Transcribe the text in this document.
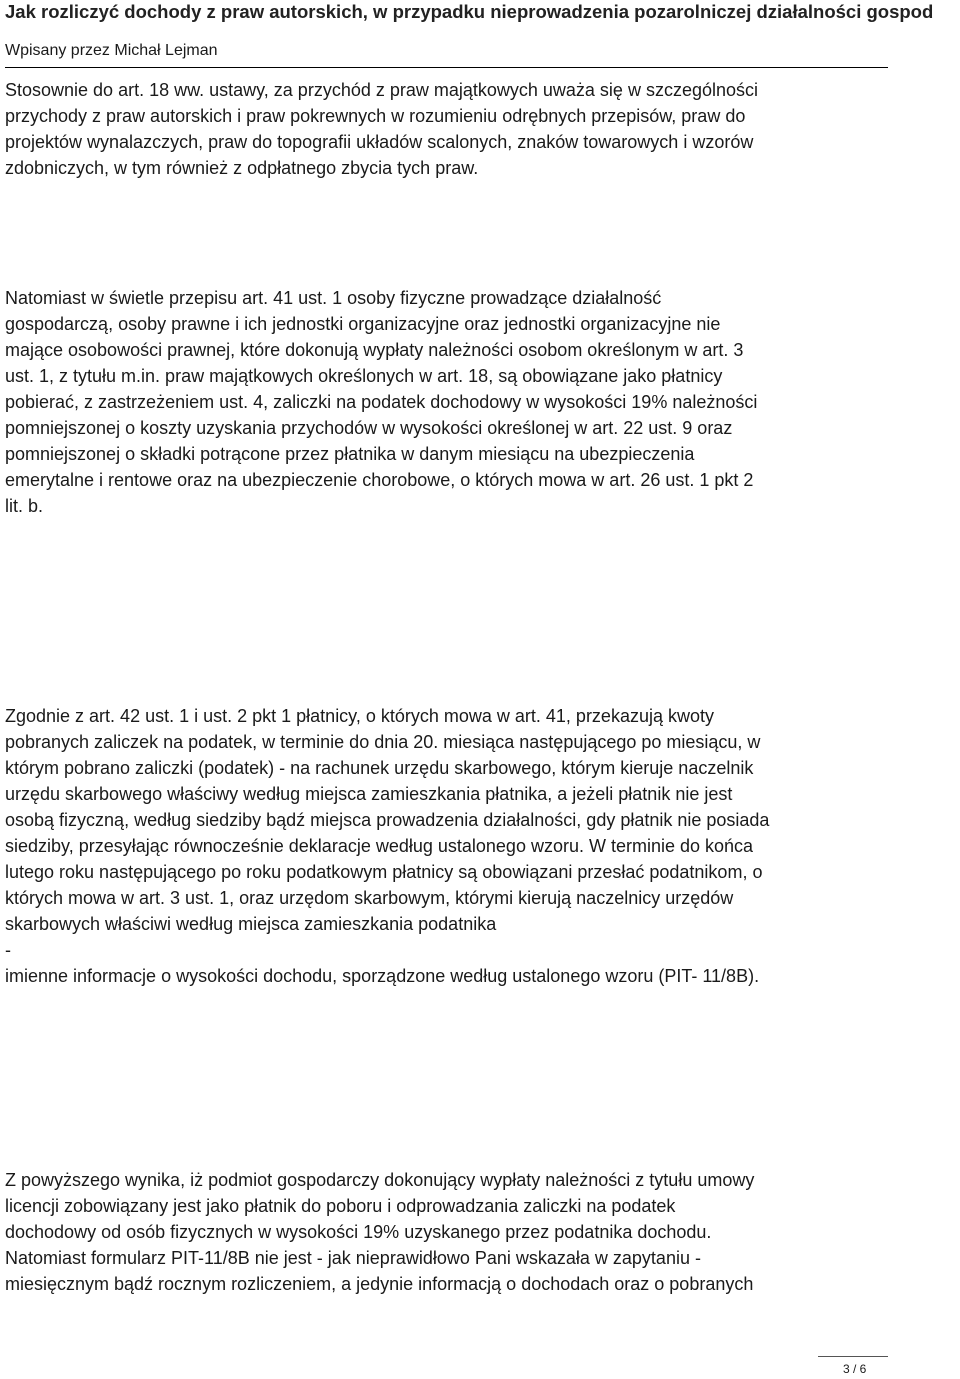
Jak rozliczyć dochody z praw autorskich, w przypadku nieprowadzenia pozarolniczej działalności gospod
Wpisany przez Michał Lejman

Stosownie do art. 18 ww. ustawy, za przychód z praw majątkowych uważa się w szczególności
przychody z praw autorskich i praw pokrewnych w rozumieniu odrębnych przepisów, praw do
projektów wynalazczych, praw do topografii układów scalonych, znaków towarowych i wzorów
zdobniczych, w tym również z odpłatnego zbycia tych praw.

Natomiast w świetle przepisu art. 41 ust. 1 osoby fizyczne prowadzące działalność
gospodarczą, osoby prawne i ich jednostki organizacyjne oraz jednostki organizacyjne nie
mające osobowości prawnej, które dokonują wypłaty należności osobom określonym w art. 3
ust. 1, z tytułu m.in. praw majątkowych określonych w art. 18, są obowiązane jako płatnicy
pobierać, z zastrzeżeniem ust. 4, zaliczki na podatek dochodowy w wysokości 19% należności
pomniejszonej o koszty uzyskania przychodów w wysokości określonej w art. 22 ust. 9 oraz
pomniejszonej o składki potrącone przez płatnika w danym miesiącu na ubezpieczenia
emerytalne i rentowe oraz na ubezpieczenie chorobowe, o których mowa w art. 26 ust. 1 pkt 2
lit. b.

Zgodnie z art. 42 ust. 1 i ust. 2 pkt 1 płatnicy, o których mowa w art. 41, przekazują kwoty
pobranych zaliczek na podatek, w terminie do dnia 20. miesiąca następującego po miesiącu, w
którym pobrano zaliczki (podatek) - na rachunek urzędu skarbowego, którym kieruje naczelnik
urzędu skarbowego właściwy według miejsca zamieszkania płatnika, a jeżeli płatnik nie jest
osobą fizyczną, według siedziby bądź miejsca prowadzenia działalności, gdy płatnik nie posiada
siedziby, przesyłając równocześnie deklaracje według ustalonego wzoru. W terminie do końca
lutego roku następującego po roku podatkowym płatnicy są obowiązani przesłać podatnikom, o
których mowa w art. 3 ust. 1, oraz urzędom skarbowym, którymi kierują naczelnicy urzędów
skarbowych właściwi według miejsca zamieszkania podatnika
-
imienne informacje o wysokości dochodu, sporządzone według ustalonego wzoru (PIT- 11/8B).

Z powyższego wynika, iż podmiot gospodarczy dokonujący wypłaty należności z tytułu umowy
licencji zobowiązany jest jako płatnik do poboru i odprowadzania zaliczki na podatek
dochodowy od osób fizycznych w wysokości 19% uzyskanego przez podatnika dochodu.
Natomiast formularz PIT-11/8B nie jest - jak nieprawidłowo Pani wskazała w zapytaniu -
miesięcznym bądź rocznym rozliczeniem, a jedynie informacją o dochodach oraz o pobranych

3 / 6
